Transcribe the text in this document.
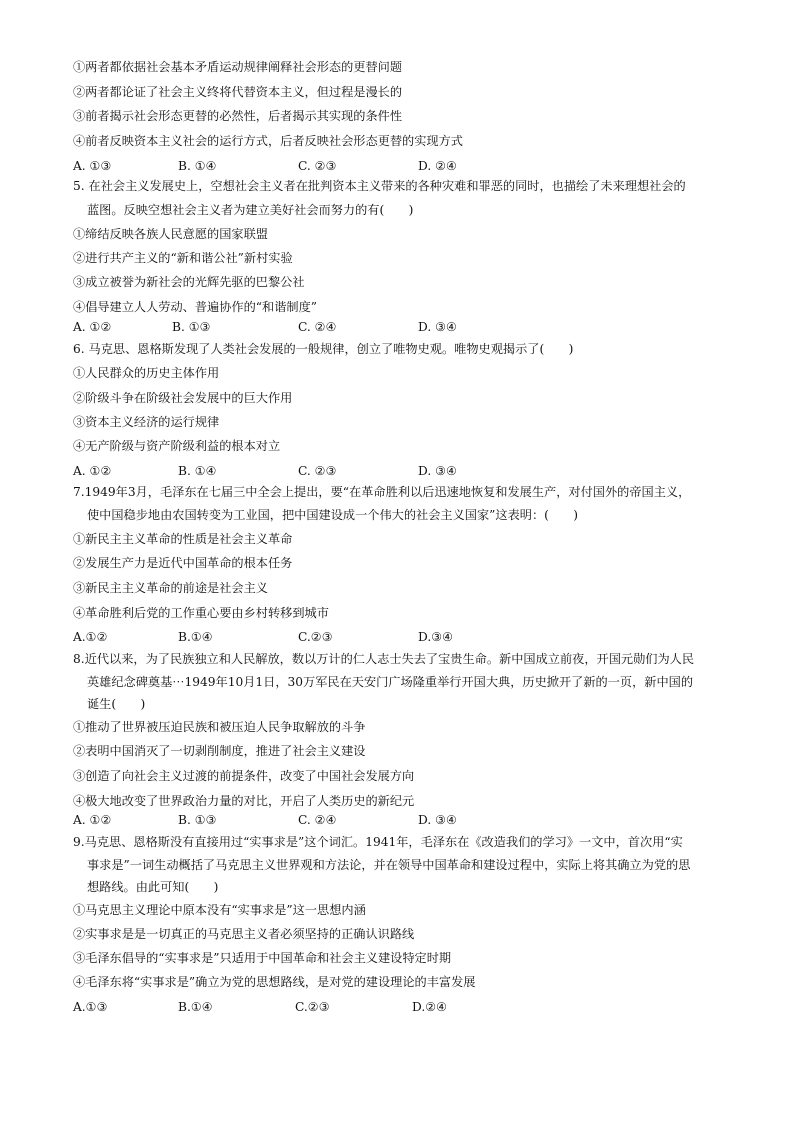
①两者都依据社会基本矛盾运动规律阐释社会形态的更替问题
②两者都论证了社会主义终将代替资本主义，但过程是漫长的
③前者揭示社会形态更替的必然性，后者揭示其实现的条件性
④前者反映资本主义社会的运行方式，后者反映社会形态更替的实现方式
A. ①③	B. ①④	C. ②③	D. ②④
5. 在社会主义发展史上，空想社会主义者在批判资本主义带来的各种灾难和罪恶的同时，也描绘了未来理想社会的
蓝图。反映空想社会主义者为建立美好社会而努力的有(　　)
①缔结反映各族人民意愿的国家联盟
②进行共产主义的“新和谐公社”新村实验
③成立被誉为新社会的光辉先驱的巴黎公社
④倡导建立人人劳动、普遍协作的“和谐制度”
A. ①②	B. ①③	C. ②④	D. ③④
6. 马克思、恩格斯发现了人类社会发展的一般规律，创立了唯物史观。唯物史观揭示了(　　)
①人民群众的历史主体作用
②阶级斗争在阶级社会发展中的巨大作用
③资本主义经济的运行规律
④无产阶级与资产阶级利益的根本对立
A. ①②	B. ①④	C. ②③	D. ③④
7.1949年3月，毛泽东在七届三中全会上提出，要“在革命胜利以后迅速地恢复和发展生产，对付国外的帝国主义，
使中国稳步地由农国转变为工业国，把中国建设成一个伟大的社会主义国家”这表明：(　　)
①新民主主义革命的性质是社会主义革命
②发展生产力是近代中国革命的根本任务
③新民主主义革命的前途是社会主义
④革命胜利后党的工作重心要由乡村转移到城市
A.①②	B.①④	C.②③	D.③④
8.近代以来，为了民族独立和人民解放，数以万计的仁人志士失去了宝贵生命。新中国成立前夜，开国元勋们为人民
英雄纪念碑奠基⋯1949年10月1日，30万军民在天安门广场隆重举行开国大典，历史掀开了新的一页，新中国的
诞生(　　)
①推动了世界被压迫民族和被压迫人民争取解放的斗争
②表明中国消灭了一切剥削制度，推进了社会主义建设
③创造了向社会主义过渡的前提条件，改变了中国社会发展方向
④极大地改变了世界政治力量的对比，开启了人类历史的新纪元
A. ①②	B. ①③	C. ②④	D. ③④
9.马克思、恩格斯没有直接用过“实事求是”这个词汇。1941年，毛泽东在《改造我们的学习》一文中，首次用“实
事求是”一词生动概括了马克思主义世界观和方法论，并在领导中国革命和建设过程中，实际上将其确立为党的思
想路线。由此可知(　　)
①马克思主义理论中原本没有“实事求是”这一思想内涵
②实事求是是一切真正的马克思主义者必须坚持的正确认识路线
③毛泽东倡导的“实事求是”只适用于中国革命和社会主义建设特定时期
④毛泽东将“实事求是”确立为党的思想路线，是对党的建设理论的丰富发展
A.①③	B.①④	C.②③	D.②④
